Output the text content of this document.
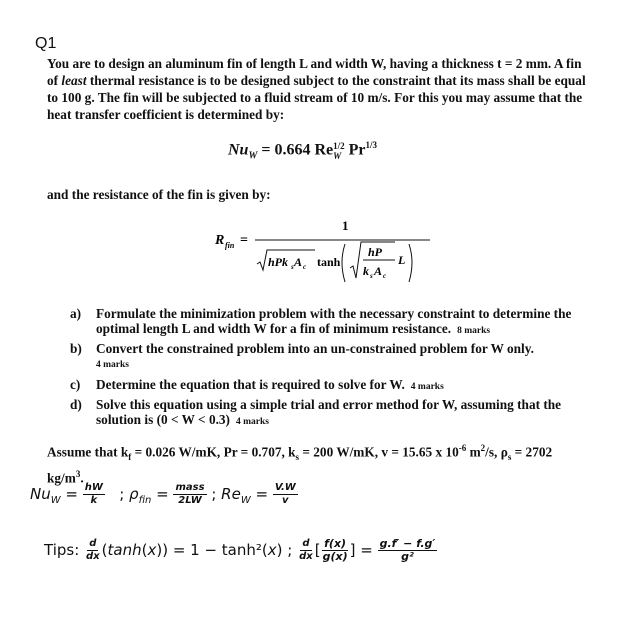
Q1
You are to design an aluminum fin of length L and width W, having a thickness t = 2 mm. A fin of least thermal resistance is to be designed subject to the constraint that its mass shall be equal to 100 g. The fin will be subjected to a fluid stream of 10 m/s. For this you may assume that the heat transfer coefficient is determined by:
$Nu_W = 0.664$ Re 1/2
W $Pr^{1/3}$
and the resistance of the fin is given by:
R fin =
1
hPk s A c tanh
hP
k s A c
L
a)	Formulate the minimization problem with the necessary constraint to determine the optimal length L and width W for a fin of minimum resistance. 8 marks
b)	Convert the constrained problem into an un-constrained problem for W only.
4 marks
c)	Determine the equation that is required to solve for W. 4 marks
d)	Solve this equation using a simple trial and error method for W, assuming that the solution is (0 < W < 0.3) 4 marks
Assume that $k_f = 0.026$ W/mK, Pr = 0.707, $k_s = 200$ W/mK, v = 15.65 x $10^{-6}$ $m^2/s$, $\rho_s = 2702$ $kg/m^3$.
$Nu_W = \frac{hW}{k}$ ; $\rho_{fin} = \frac{\text{mass}}{2LW}$ ; $Re_W = \frac{V.W}{v}$
Tips: $\frac{d}{dx} (\tanh(x)) = 1 - \tanh^2(x)$ ; $\frac{d}{dx}$ [ $\frac{f(x)}{g(x)}$ ] = $\frac{g.f' - f.g'}{\text{g²}}$
